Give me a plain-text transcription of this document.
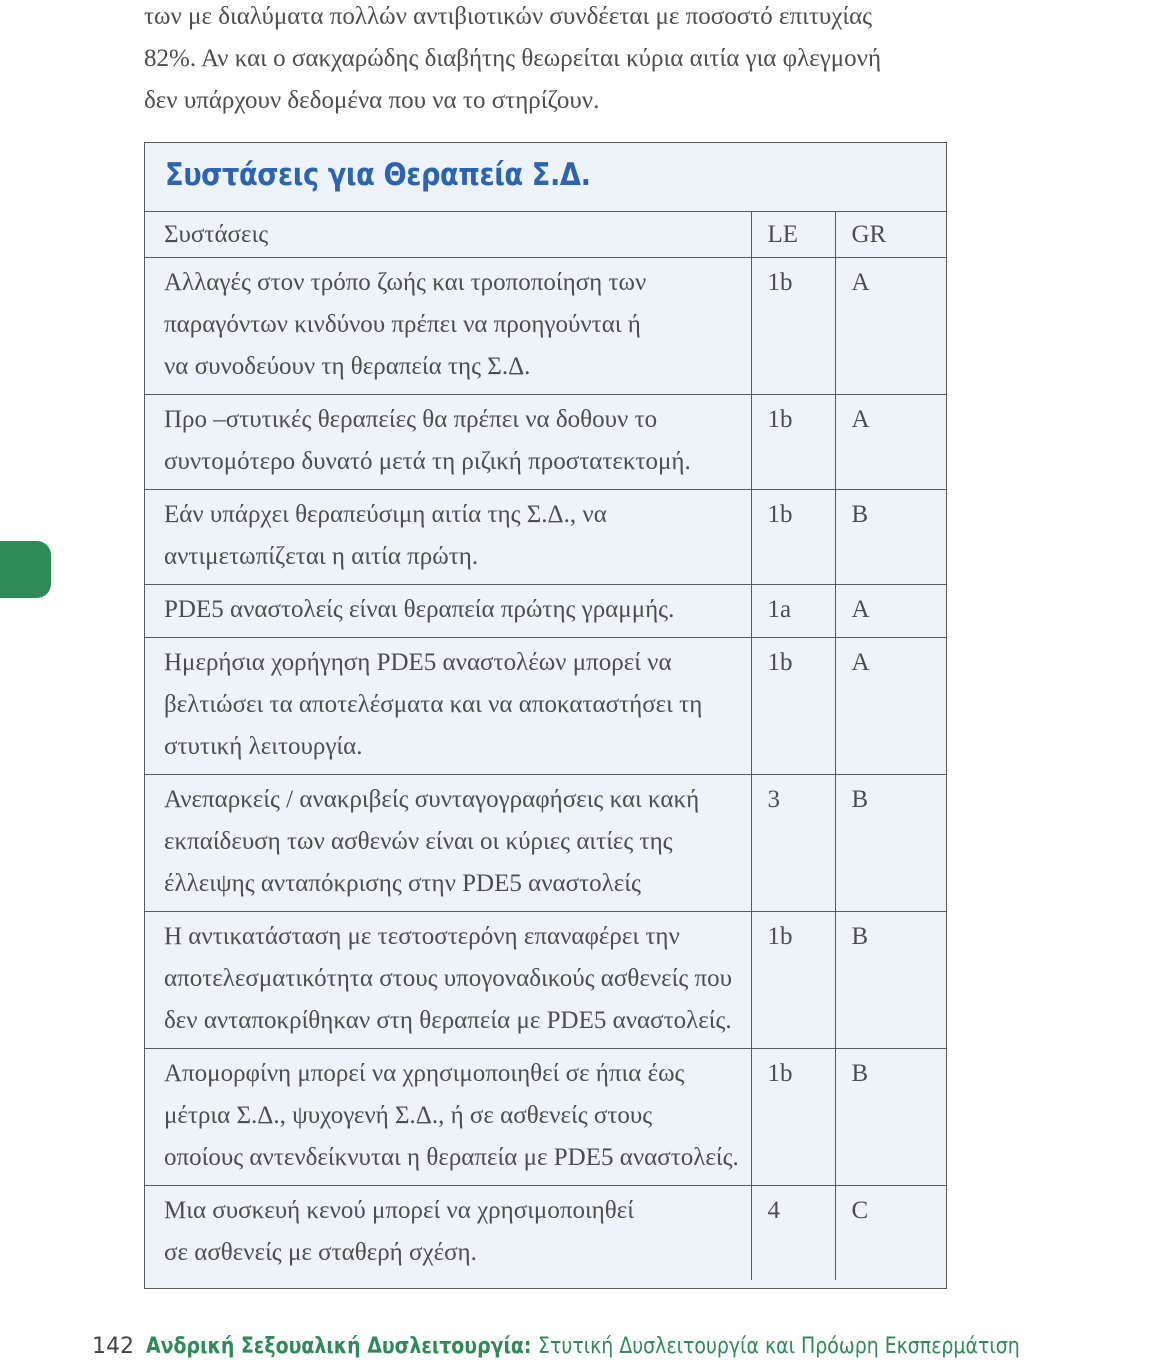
των με διαλύματα πολλών αντιβιοτικών συνδέεται με ποσοστό επιτυχίας

82%. Αν και ο σακχαρώδης διαβήτης θεωρείται κύρια αιτία για φλεγμονή

δεν υπάρχουν δεδομένα που να το στηρίζουν.

Συστάσεις για Θεραπεία Σ.Δ.
Συστάσεις	LE	GR

Αλλαγές στον τρόπο ζωής και τροποποίηση των
παραγόντων κινδύνου πρέπει να προηγούνται ή
να συνοδεύουν τη θεραπεία της Σ.Δ.	1b	A

Προ –στυτικές θεραπείες θα πρέπει να δοθουν το
συντομότερο δυνατό μετά τη ριζική προστατεκτομή.	1b	A

Εάν υπάρχει θεραπεύσιμη αιτία της Σ.Δ., να
αντιμετωπίζεται η αιτία πρώτη.	1b	B

PDE5 αναστολείς είναι θεραπεία πρώτης γραμμής.	1a	A

Ημερήσια χορήγηση PDE5 αναστολέων μπορεί να
βελτιώσει τα αποτελέσματα και να αποκαταστήσει τη
στυτική λειτουργία.	1b	A

Ανεπαρκείς / ανακριβείς συνταγογραφήσεις και κακή
εκπαίδευση των ασθενών είναι οι κύριες αιτίες της
έλλειψης ανταπόκρισης στην PDE5 αναστολείς	3	B

Η αντικατάσταση με τεστοστερόνη επαναφέρει την
αποτελεσματικότητα στους υπογοναδικούς ασθενείς που
δεν ανταποκρίθηκαν στη θεραπεία με PDE5 αναστολείς.	1b	B

Απομορφίνη μπορεί να χρησιμοποιηθεί σε ήπια έως
μέτρια Σ.Δ., ψυχογενή Σ.Δ., ή σε ασθενείς στους
οποίους αντενδείκνυται η θεραπεία με PDE5 αναστολείς.	1b	B

Μια συσκευή κενού μπορεί να χρησιμοποιηθεί
σε ασθενείς με σταθερή σχέση.	4	C
142 Ανδρική Σεξουαλική Δυσλειτουργία: Στυτική Δυσλειτουργία και Πρόωρη Εκσπερμάτιση
